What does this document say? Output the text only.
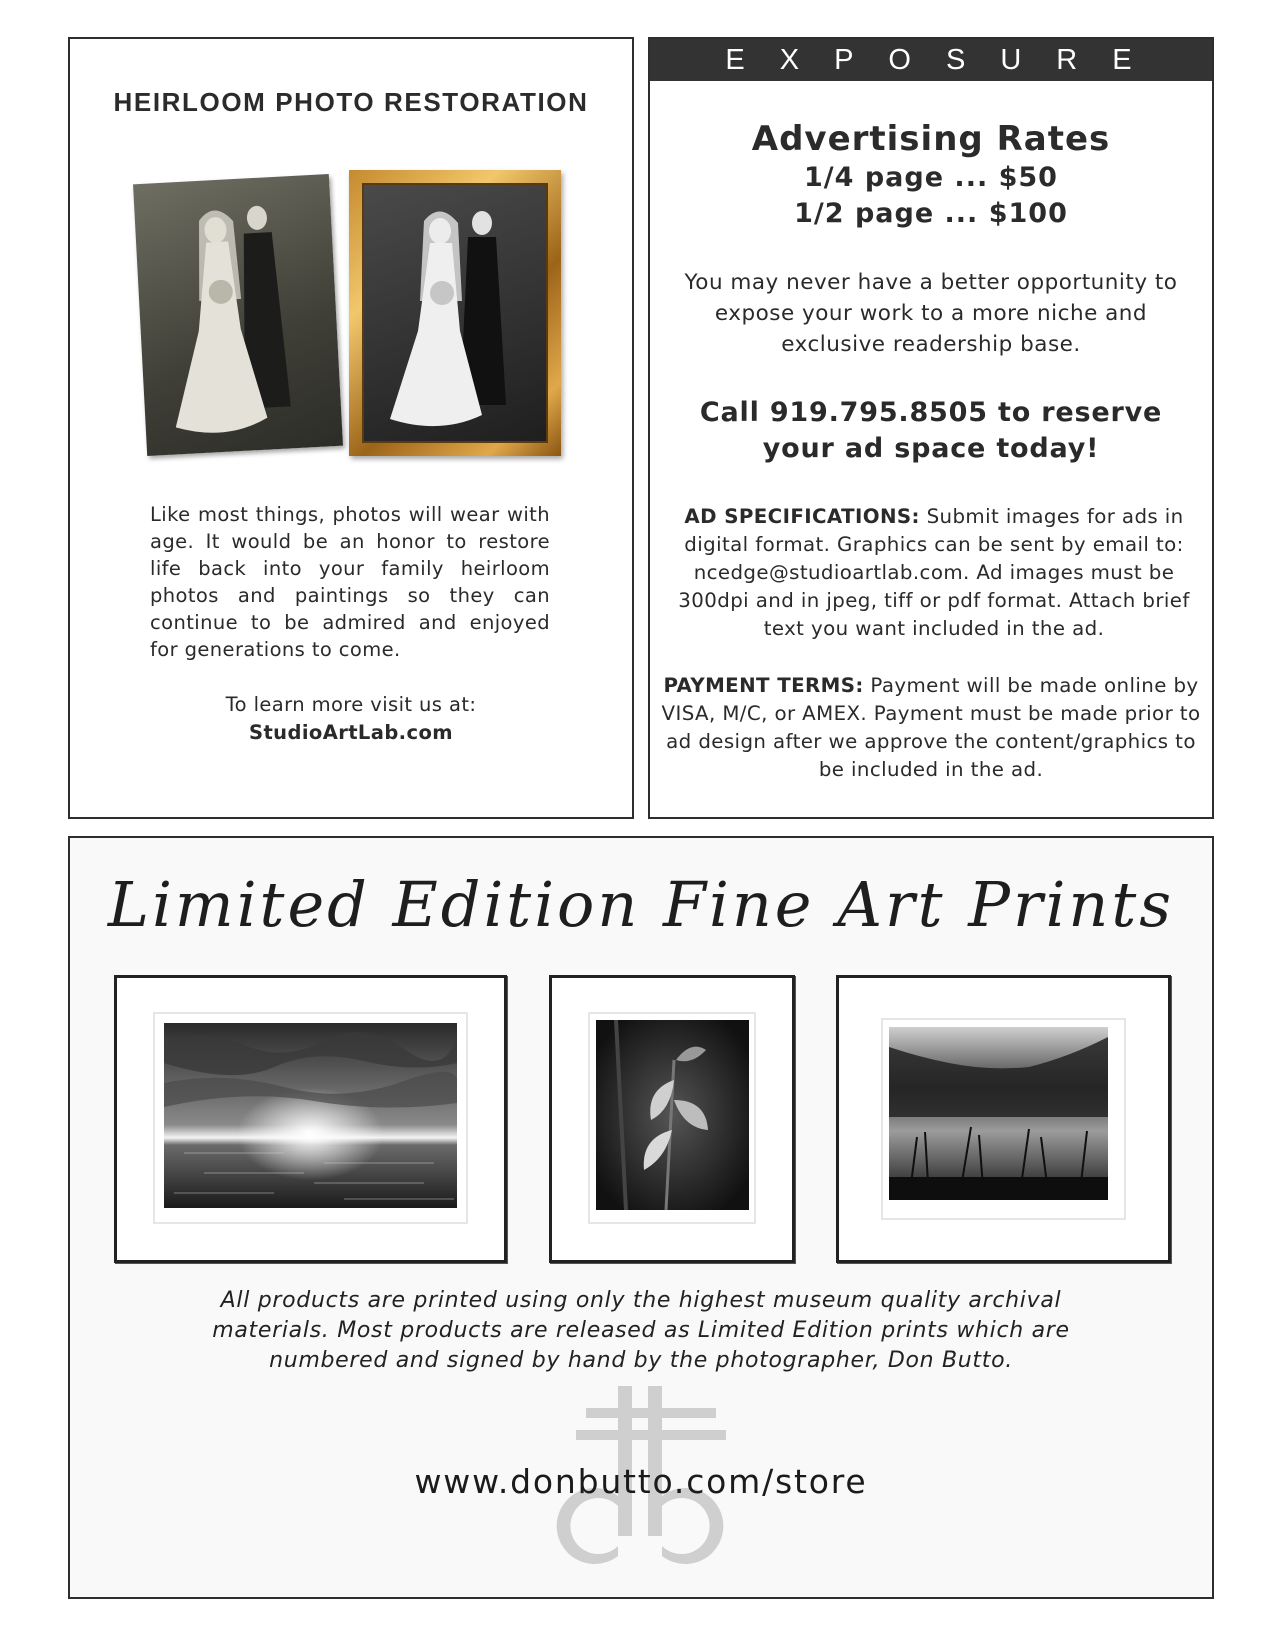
HEIRLOOM PHOTO RESTORATION
Like most things, photos will wear with age. It would be an honor to restore life back into your family heirloom photos and paintings so they can continue to be admired and enjoyed for generations to come.
To learn more visit us at:
StudioArtLab.com
EXPOSURE
Advertising Rates
1/4 page ... $50
1/2 page ... $100
You may never have a better opportunity to expose your work to a more niche and exclusive readership base.
Call 919.795.8505 to reserve
your ad space today!
AD SPECIFICATIONS: Submit images for ads in digital format. Graphics can be sent by email to: ncedge@studioartlab.com. Ad images must be 300dpi and in jpeg, tiff or pdf format. Attach brief text you want included in the ad.
PAYMENT TERMS: Payment will be made online by VISA, M/C, or AMEX. Payment must be made prior to ad design after we approve the content/graphics to be included in the ad.
Limited Edition Fine Art Prints
All products are printed using only the highest museum quality archival materials. Most products are released as Limited Edition prints which are numbered and signed by hand by the photographer, Don Butto.
www.donbutto.com/store
